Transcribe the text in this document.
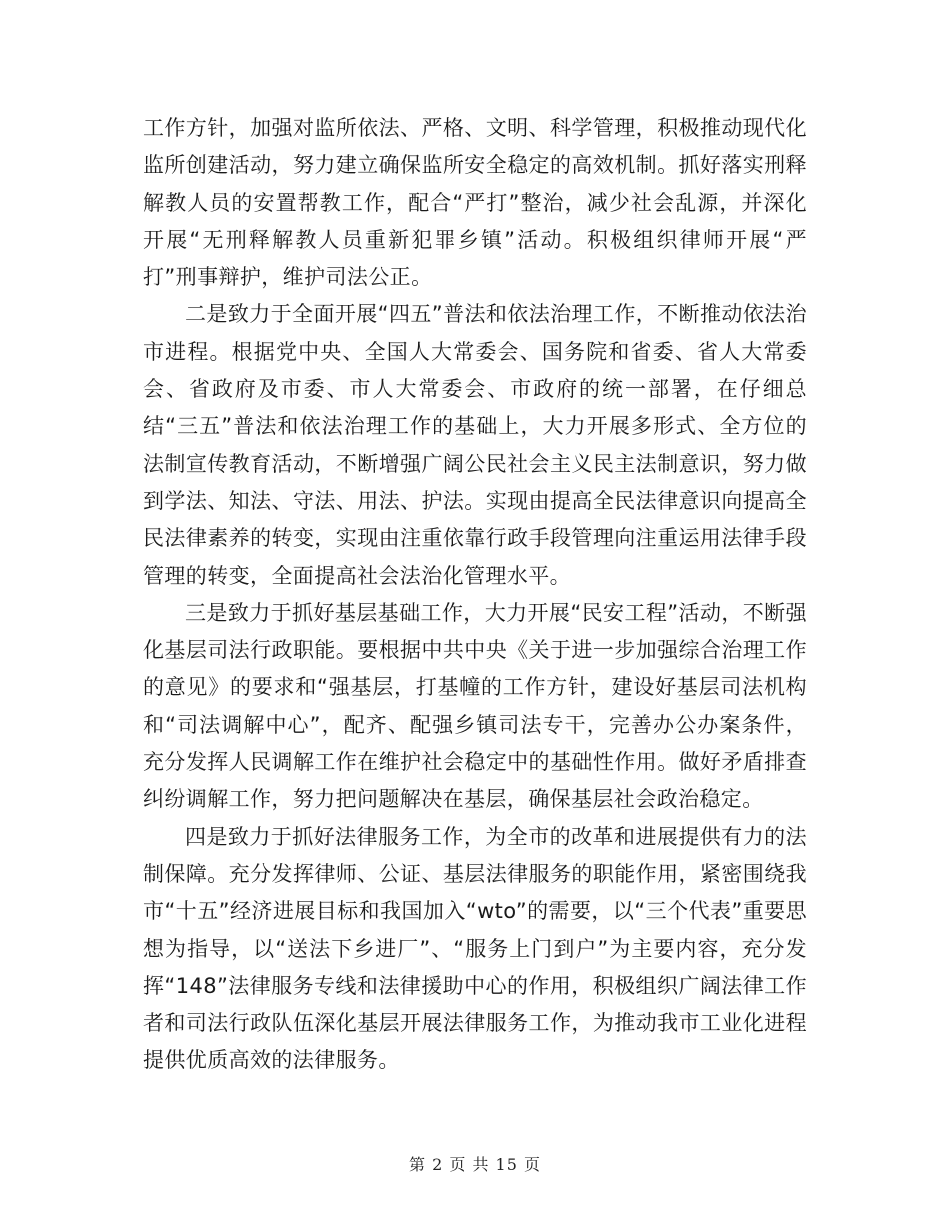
工作方针，加强对监所依法、严格、文明、科学管理，积极推动现代化监所创建活动，努力建立确保监所安全稳定的高效机制。抓好落实刑释解教人员的安置帮教工作，配合“严打”整治，减少社会乱源，并深化开展“无刑释解教人员重新犯罪乡镇”活动。积极组织律师开展“严打”刑事辩护，维护司法公正。

二是致力于全面开展“四五”普法和依法治理工作，不断推动依法治市进程。根据党中央、全国人大常委会、国务院和省委、省人大常委会、省政府及市委、市人大常委会、市政府的统一部署，在仔细总结“三五”普法和依法治理工作的基础上，大力开展多形式、全方位的法制宣传教育活动，不断增强广阔公民社会主义民主法制意识，努力做到学法、知法、守法、用法、护法。实现由提高全民法律意识向提高全民法律素养的转变，实现由注重依靠行政手段管理向注重运用法律手段管理的转变，全面提高社会法治化管理水平。

三是致力于抓好基层基础工作，大力开展“民安工程”活动，不断强化基层司法行政职能。要根据中共中央《关于进一步加强综合治理工作的意见》的要求和“强基层，打基幢的工作方针，建设好基层司法机构和“司法调解中心”，配齐、配强乡镇司法专干，完善办公办案条件，充分发挥人民调解工作在维护社会稳定中的基础性作用。做好矛盾排查纠纷调解工作，努力把问题解决在基层，确保基层社会政治稳定。

四是致力于抓好法律服务工作，为全市的改革和进展提供有力的法制保障。充分发挥律师、公证、基层法律服务的职能作用，紧密围绕我市“十五”经济进展目标和我国加入“wto”的需要，以“三个代表”重要思想为指导，以“送法下乡进厂”、“服务上门到户”为主要内容，充分发挥“148”法律服务专线和法律援助中心的作用，积极组织广阔法律工作者和司法行政队伍深化基层开展法律服务工作，为推动我市工业化进程提供优质高效的法律服务。

第 2 页 共 15 页
